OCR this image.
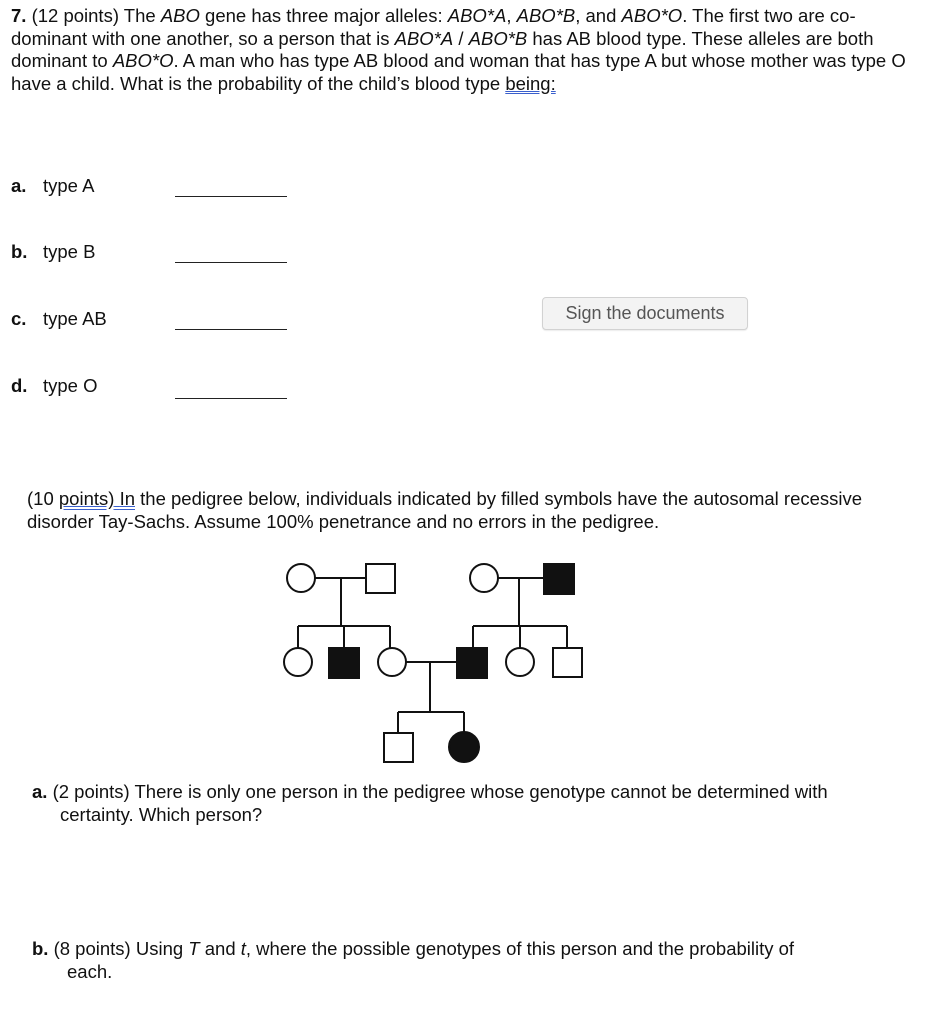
7. (12 points) The ABO gene has three major alleles: ABO*A, ABO*B, and ABO*O. The first two are co-dominant with one another, so a person that is ABO*A / ABO*B has AB blood type. These alleles are both dominant to ABO*O. A man who has type AB blood and woman that has type A but whose mother was type O have a child. What is the probability of the child’s blood type being:
a. type A
b. type B
c. type AB
d. type O
Sign the documents
(10 points) In the pedigree below, individuals indicated by filled symbols have the autosomal recessive disorder Tay-Sachs. Assume 100% penetrance and no errors in the pedigree.
a. (2 points) There is only one person in the pedigree whose genotype cannot be determined with
certainty. Which person?
b. (8 points) Using T and t, where the possible genotypes of this person and the probability of
each.
